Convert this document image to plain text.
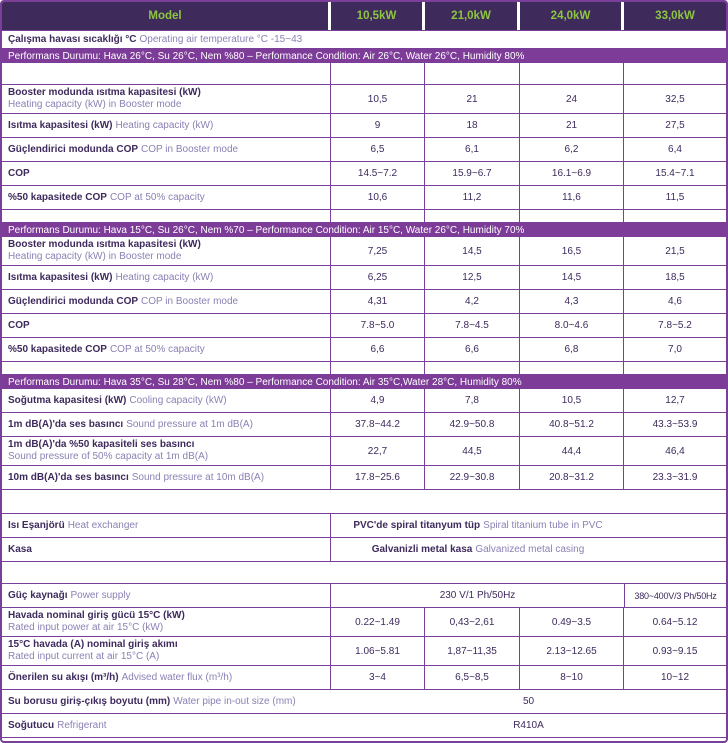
Model	10,5kW	21,0kW	24,0kW	33,0kW
Çalışma havası sıcaklığı °C Operating air temperature °C -15~43
Performans Durumu: Hava 26°C, Su 26°C, Nem %80 – Performance Condition: Air 26°C, Water 26°C, Humidity 80%
Booster modunda ısıtma kapasitesi (kW)
Heating capacity (kW) in Booster mode	10,5	21	24	32,5
Isıtma kapasitesi (kW) Heating capacity (kW)	9	18	21	27,5
Güçlendirici modunda COP COP in Booster mode	6,5	6,1	6,2	6,4
COP	14.5~7.2	15.9~6.7	16.1~6.9	15.4~7.1
%50 kapasitede COP COP at 50% capacity	10,6	11,2	11,6	11,5
Performans Durumu: Hava 15°C, Su 26°C, Nem %70 – Performance Condition: Air 15°C, Water 26°C, Humidity 70%
Booster modunda ısıtma kapasitesi (kW)
Heating capacity (kW) in Booster mode	7,25	14,5	16,5	21,5
Isıtma kapasitesi (kW) Heating capacity (kW)	6,25	12,5	14,5	18,5
Güçlendirici modunda COP COP in Booster mode	4,31	4,2	4,3	4,6
COP	7.8~5.0	7.8~4.5	8.0~4.6	7.8~5.2
%50 kapasitede COP COP at 50% capacity	6,6	6,6	6,8	7,0
Performans Durumu: Hava 35°C, Su 28°C, Nem %80 – Performance Condition: Air 35°C,Water 28°C, Humidity 80%
Soğutma kapasitesi (kW) Cooling capacity (kW)	4,9	7,8	10,5	12,7
1m dB(A)'da ses basıncı Sound pressure at 1m dB(A)	37.8~44.2	42.9~50.8	40.8~51.2	43.3~53.9
1m dB(A)'da %50 kapasiteli ses basıncı
Sound pressure of 50% capacity at 1m dB(A)	22,7	44,5	44,4	46,4
10m dB(A)'da ses basıncı Sound pressure at 10m dB(A)	17.8~25.6	22.9~30.8	20.8~31.2	23.3~31.9
Isı Eşanjörü Heat exchanger	PVC'de spiral titanyum tüp Spiral titanium tube in PVC
Kasa	Galvanizli metal kasa Galvanized metal casing
Güç kaynağı Power supply	230 V/1 Ph/50Hz	380~400V/3 Ph/50Hz
Havada nominal giriş gücü 15°C (kW)
Rated input power at air 15°C (kW)	0.22~1.49	0,43~2,61	0.49~3.5	0.64~5.12
15°C havada (A) nominal giriş akımı
Rated input current at air 15°C (A)	1.06~5.81	1,87~11,35	2.13~12.65	0.93~9.15
Önerilen su akışı (m³/h) Advised water flux (m³/h)	3~4	6,5~8,5	8~10	10~12
Su borusu giriş-çıkış boyutu (mm) Water pipe in-out size (mm)	50
Soğutucu Refrigerant	R410A
